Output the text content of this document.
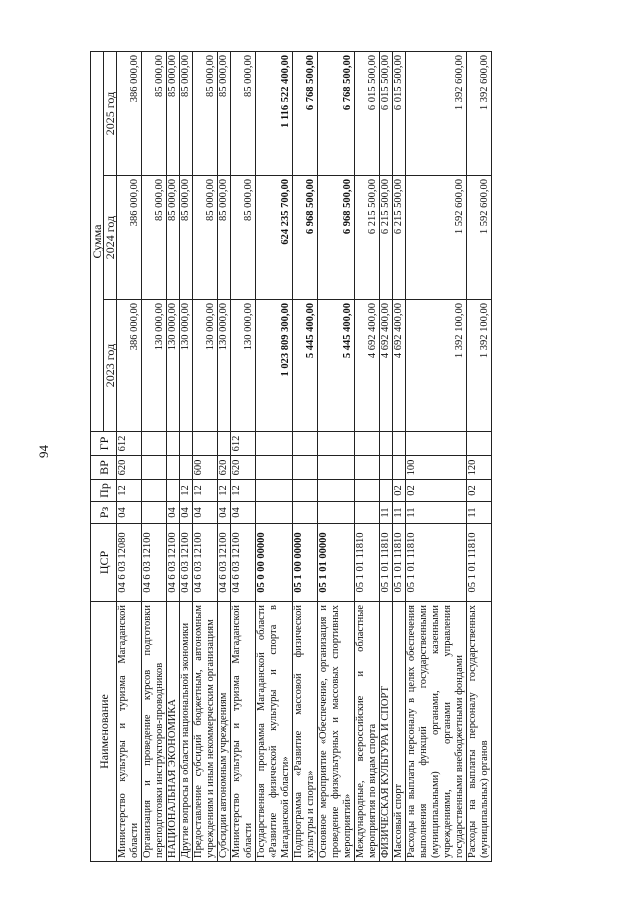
94
Наименование	ЦСР	Рз	Пр	ВР	ГР	Сумма		
						2023 год	2024 год	2025 год
Министерство культуры и туризма Магаданской области	04 6 03 12080	04	12	620	612	386 000,00	386 000,00	386 000,00
Организация и проведение курсов подготовки переподготовки инструкторов-проводников	04 6 03 12100					130 000,00	85 000,00	85 000,00
НАЦИОНАЛЬНАЯ ЭКОНОМИКА	04 6 03 12100	04				130 000,00	85 000,00	85 000,00
Другие вопросы в области национальной экономики	04 6 03 12100	04	12			130 000,00	85 000,00	85 000,00
Предоставление субсидий бюджетным, автономным учреждениям и иным некоммерческим организациям	04 6 03 12100	04	12	600		130 000,00	85 000,00	85 000,00
Субсидии автономным учреждениям	04 6 03 12100	04	12	620		130 000,00	85 000,00	85 000,00
Министерство культуры и туризма Магаданской области	04 6 03 12100	04	12	620	612	130 000,00	85 000,00	85 000,00
Государственная программа Магаданской области «Развитие физической культуры и спорта в Магаданской области»	05 0 00 00000					1 023 809 300,00	624 235 700,00	1 116 522 400,00
Подпрограмма «Развитие массовой физической культуры и спорта»	05 1 00 00000					5 445 400,00	6 968 500,00	6 768 500,00
Основное мероприятие «Обеспечение, организация и проведение физкультурных и массовых спортивных мероприятий»	05 1 01 00000					5 445 400,00	6 968 500,00	6 768 500,00
Международные, всероссийские и областные мероприятия по видам спорта	05 1 01 11810					4 692 400,00	6 215 500,00	6 015 500,00
ФИЗИЧЕСКАЯ КУЛЬТУРА И СПОРТ	05 1 01 11810	11				4 692 400,00	6 215 500,00	6 015 500,00
Массовый спорт	05 1 01 11810	11	02			4 692 400,00	6 215 500,00	6 015 500,00
Расходы на выплаты персоналу в целях обеспечения выполнения функций государственными (муниципальными) органами, казенными учреждениями, органами управления государственными внебюджетными фондами	05 1 01 11810	11	02	100		1 392 100,00	1 592 600,00	1 392 600,00
Расходы на выплаты персоналу государственных (муниципальных) органов	05 1 01 11810	11	02	120		1 392 100,00	1 592 600,00	1 392 600,00
